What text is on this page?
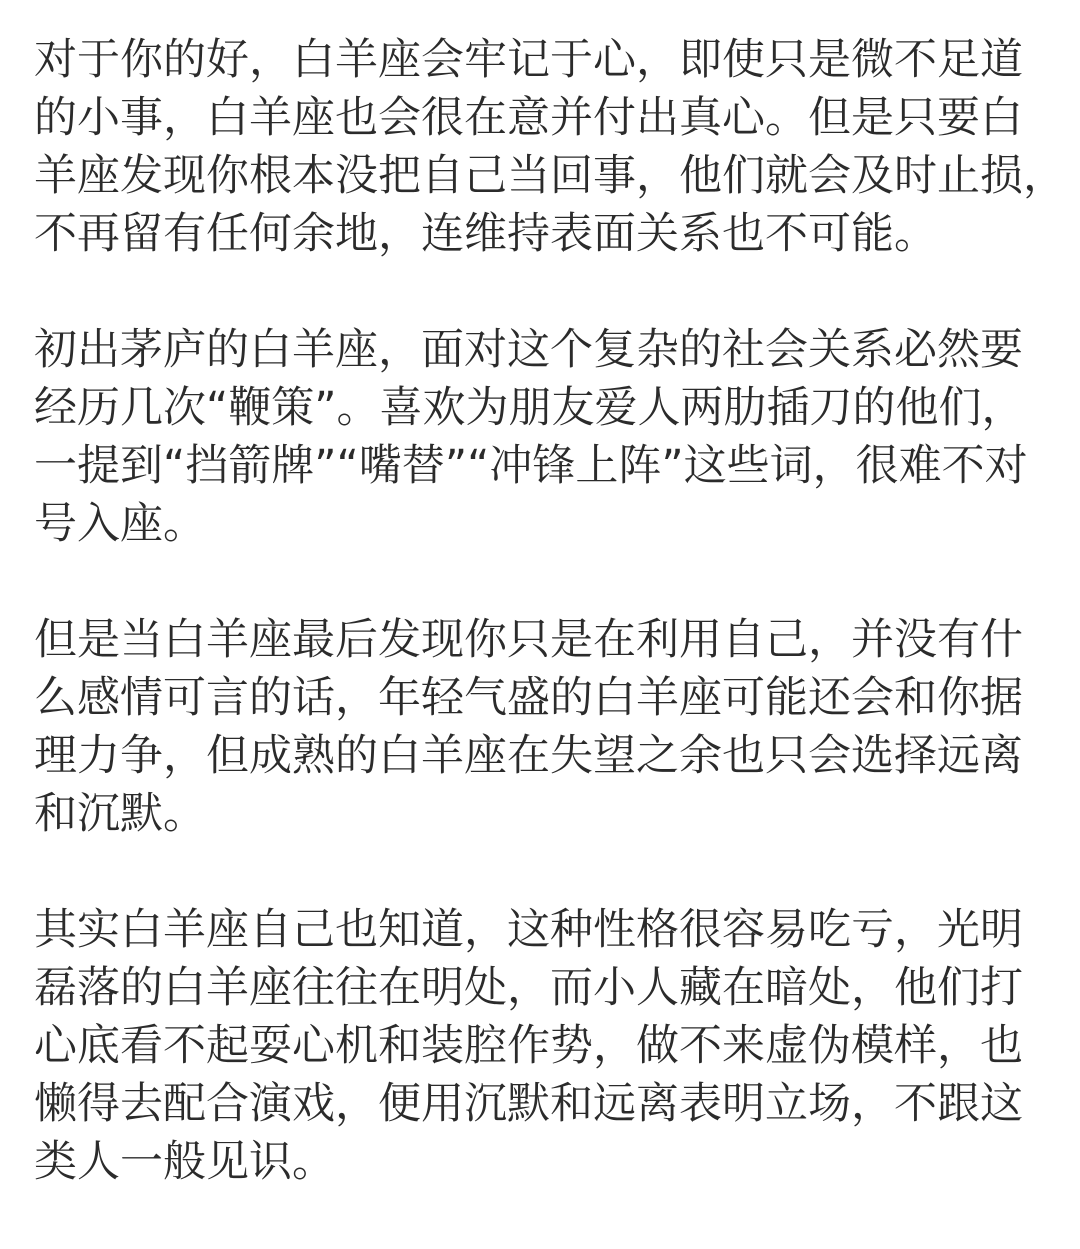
对于你的好，白羊座会牢记于心，即使只是微不足道
的小事，白羊座也会很在意并付出真心。但是只要白
羊座发现你根本没把自己当回事，他们就会及时止损，
不再留有任何余地，连维持表面关系也不可能。
初出茅庐的白羊座，面对这个复杂的社会关系必然要
经历几次“鞭策”。喜欢为朋友爱人两肋插刀的他们，
一提到“挡箭牌”“嘴替”“冲锋上阵”这些词，很难不对
号入座。
但是当白羊座最后发现你只是在利用自己，并没有什
么感情可言的话，年轻气盛的白羊座可能还会和你据
理力争，但成熟的白羊座在失望之余也只会选择远离
和沉默。
其实白羊座自己也知道，这种性格很容易吃亏，光明
磊落的白羊座往往在明处，而小人藏在暗处，他们打
心底看不起耍心机和装腔作势，做不来虚伪模样，也
懒得去配合演戏，便用沉默和远离表明立场，不跟这
类人一般见识。
